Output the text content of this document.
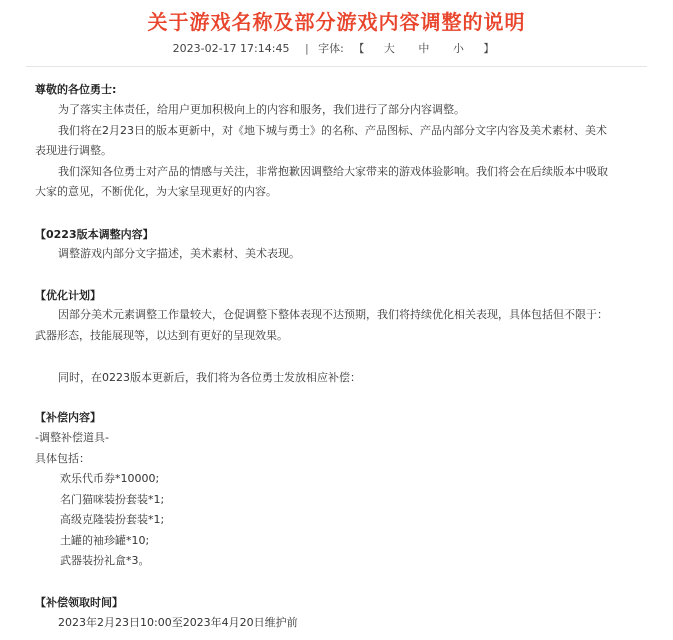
关于游戏名称及部分游戏内容调整的说明
2023-02-17 17:14:45 | 字体: 【 大 中 小 】
尊敬的各位勇士:
为了落实主体责任，给用户更加积极向上的内容和服务，我们进行了部分内容调整。
我们将在2月23日的版本更新中，对《地下城与勇士》的名称、产品图标、产品内部分文字内容及美术素材、美术
表现进行调整。
我们深知各位勇士对产品的情感与关注，非常抱歉因调整给大家带来的游戏体验影响。我们将会在后续版本中吸取
大家的意见，不断优化，为大家呈现更好的内容。
【0223版本调整内容】
调整游戏内部分文字描述，美术素材、美术表现。
【优化计划】
因部分美术元素调整工作量较大，仓促调整下整体表现不达预期，我们将持续优化相关表现，具体包括但不限于：
武器形态，技能展现等，以达到有更好的呈现效果。
同时，在0223版本更新后，我们将为各位勇士发放相应补偿：
【补偿内容】
-调整补偿道具-
具体包括：
欢乐代币券*10000;
名门猫咪装扮套装*1;
高级克隆装扮套装*1;
土罐的袖珍罐*10;
武器装扮礼盒*3。
【补偿领取时间】
2023年2月23日10:00至2023年4月20日维护前
